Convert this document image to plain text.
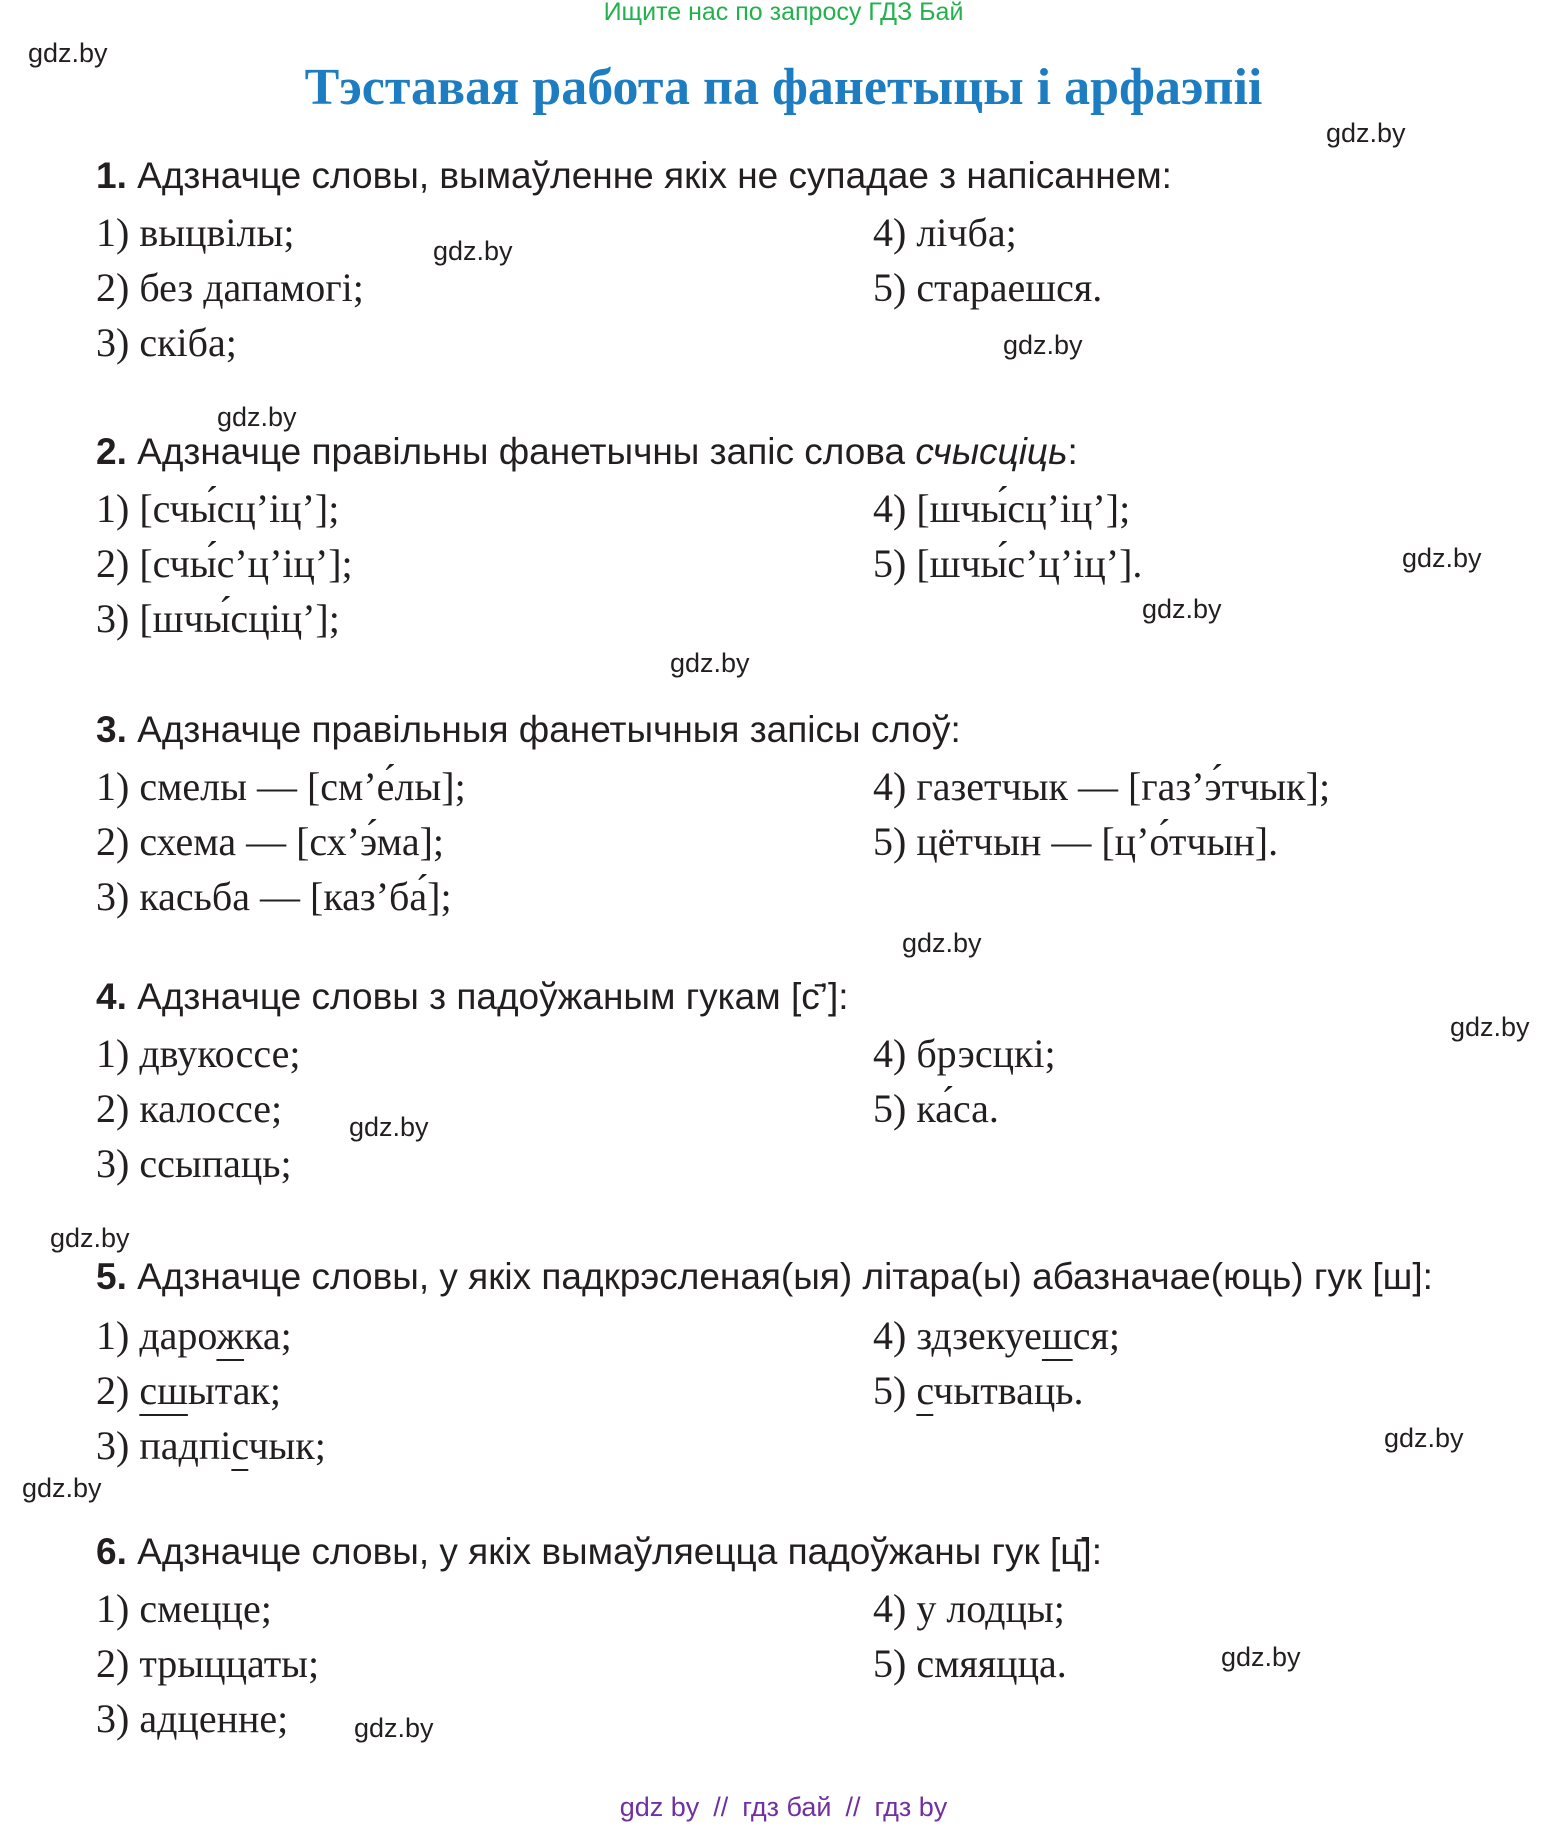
Ищите нас по запросу ГДЗ Бай
Тэставая работа па фанетыцы і арфаэпіі
gdz.by
gdz.by
gdz.by
gdz.by
gdz.by
gdz.by
gdz.by
gdz.by
gdz.by
gdz.by
gdz.by
gdz.by
gdz.by
gdz.by
gdz.by
gdz.by
1. Адзначце словы, вымаўленне якіх не супадае з напісаннем:
1) выцвілы;
2) без дапамогі;
3) скіба;
4) лічба;
5) стараешся.
2. Адзначце правільны фанетычны запіс слова счысціць:
1) [счы́сц’іц’];
2) [счы́с’ц’іц’];
3) [шчы́сціц’];
4) [шчы́сц’іц’];
5) [шчы́с’ц’іц’].
3. Адзначце правільныя фанетычныя запісы слоў:
1) смелы — [см’е́лы];
2) схема — [сх’э́ма];
3) касьба — [каз’ба́];
4) газетчык — [газ’э́тчык];
5) цётчын — [ц’о́тчын].
4. Адзначце словы з падоўжаным гукам [с̄’]:
1) двукоссе;
2) калоссе;
3) ссыпаць;
4) брэсцкі;
5) ка́са.
5. Адзначце словы, у якіх падкрэсленая(ыя) літара(ы) абазначае(юць) гук [ш]:
1) дарожка;
2) сшытак;
3) падпісчык;
4) здзекуешся;
5) счытваць.
6. Адзначце словы, у якіх вымаўляецца падоўжаны гук [ц̄]:
1) смецце;
2) трыццаты;
3) адценне;
4) у лодцы;
5) смяяцца.
gdz by // гдз бай // гдз by
